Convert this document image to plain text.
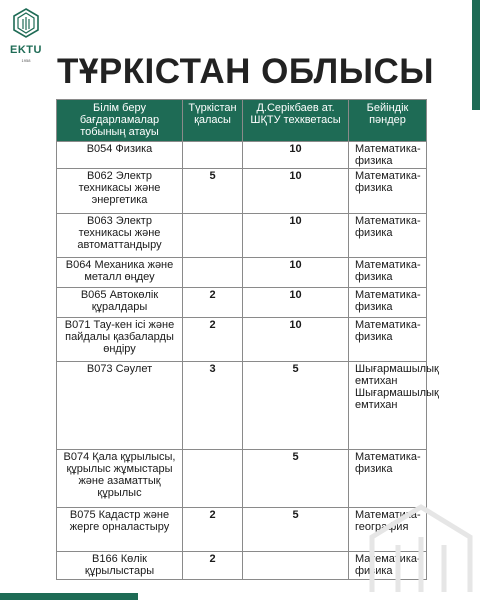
EKTU
1958 ТҰРКІСТАН ОБЛЫСЫ
Білім беру бағдарламалар тобының атауы	Түркістан қаласы	Д.Серікбаев ат. ШҚТУ техкветасы	Бейіндік пәндер
В054 Физика		10	Математика-физика
В062 Электр техникасы және энергетика	5	10	Математика-физика
В063 Электр техникасы және автоматтандыру		10	Математика-физика
В064 Механика және металл өңдеу		10	Математика-физика
В065 Автокөлік құралдары	2	10	Математика-физика
В071 Тау-кен ісі және пайдалы қазбаларды өндіру	2	10	Математика-физика
В073 Сәулет	3	5	Шығармашылық емтихан Шығармашылық емтихан
В074 Қала құрылысы, құрылыс жұмыстары және азаматтық құрылыс		5	Математика-физика
В075 Кадастр және жерге орналастыру	2	5	Математика-география
В166 Көлік құрылыстары	2		Математика-физика
